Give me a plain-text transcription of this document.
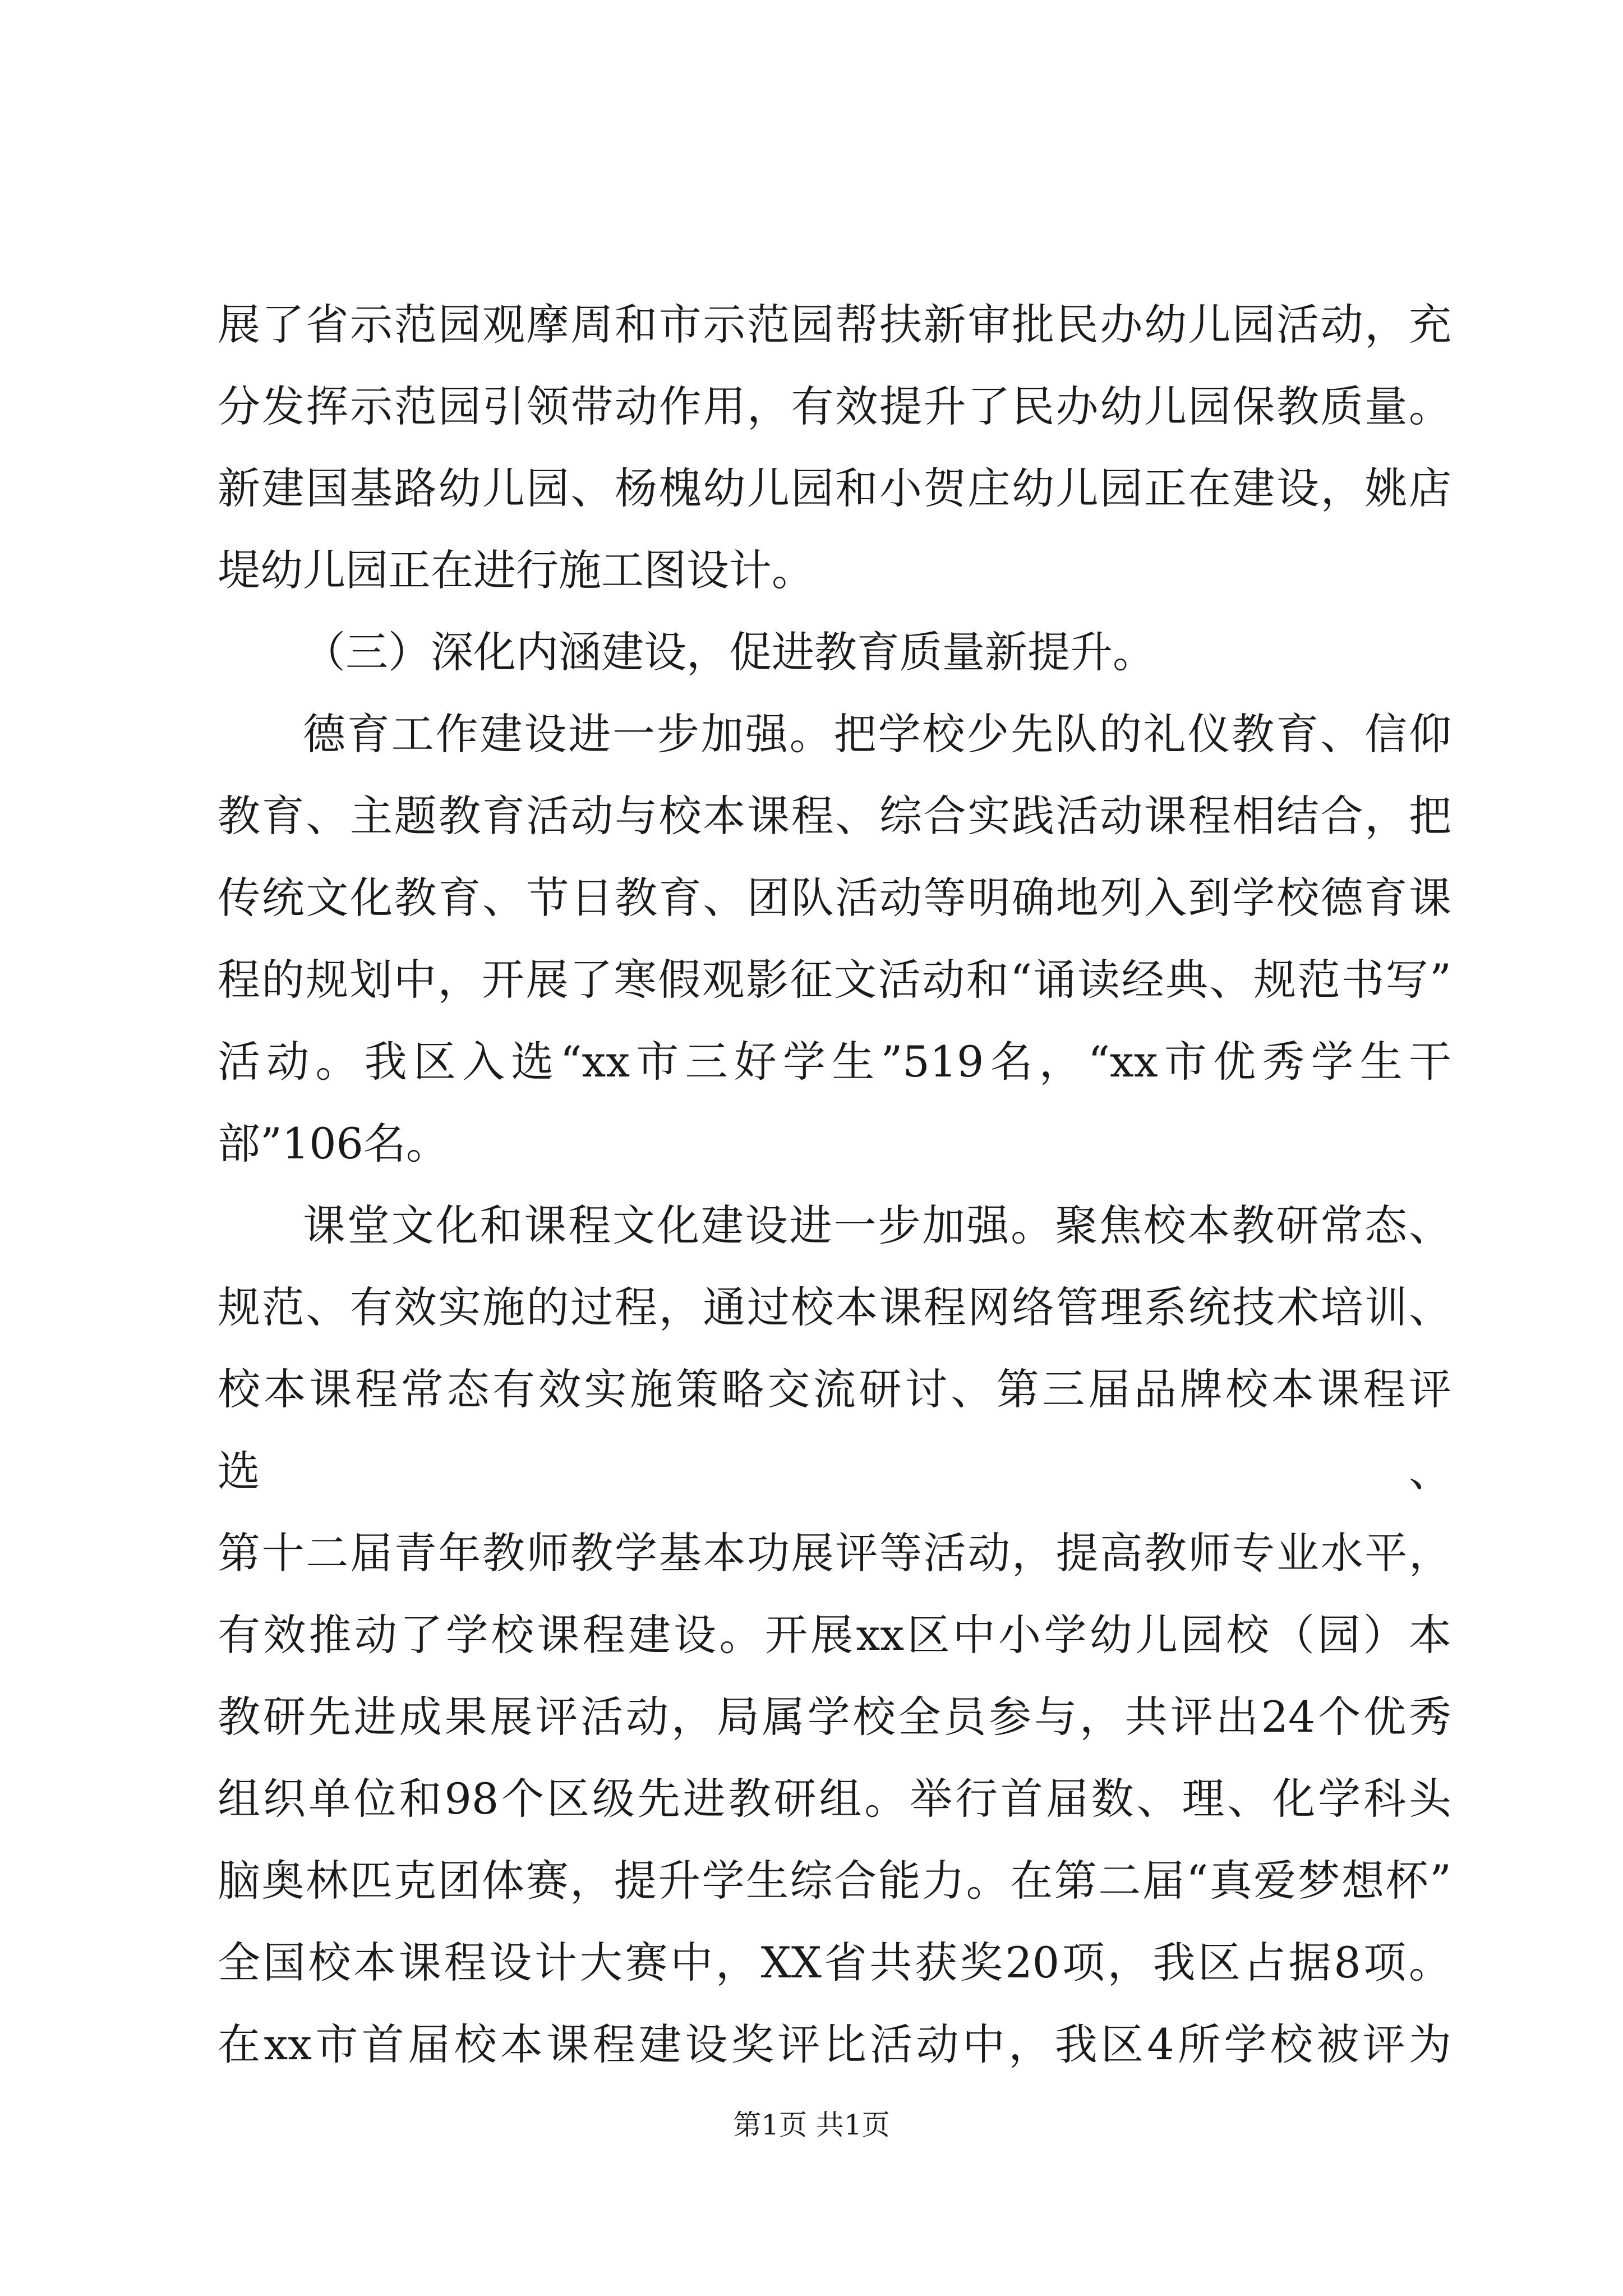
展了省示范园观摩周和市示范园帮扶新审批民办幼儿园活动，充
分发挥示范园引领带动作用，有效提升了民办幼儿园保教质量。
新建国基路幼儿园、杨槐幼儿园和小贺庄幼儿园正在建设，姚店
堤幼儿园正在进行施工图设计。
（三）深化内涵建设，促进教育质量新提升。
德育工作建设进一步加强。把学校少先队的礼仪教育、信仰
教育、主题教育活动与校本课程、综合实践活动课程相结合，把
传统文化教育、节日教育、团队活动等明确地列入到学校德育课
程的规划中，开展了寒假观影征文活动和“诵读经典、规范书写”
活动。我区入选“xx市三好学生”519名，“xx市优秀学生干
部”106名。
课堂文化和课程文化建设进一步加强。聚焦校本教研常态、
规范、有效实施的过程，通过校本课程网络管理系统技术培训、
校本课程常态有效实施策略交流研讨、第三届品牌校本课程评选、
第十二届青年教师教学基本功展评等活动，提高教师专业水平，
有效推动了学校课程建设。开展xx区中小学幼儿园校（园）本
教研先进成果展评活动，局属学校全员参与，共评出24个优秀
组织单位和98个区级先进教研组。举行首届数、理、化学科头
脑奥林匹克团体赛，提升学生综合能力。在第二届“真爱梦想杯”
全国校本课程设计大赛中，XX省共获奖20项，我区占据8项。
在xx市首届校本课程建设奖评比活动中，我区4所学校被评为
第1页 共1页
